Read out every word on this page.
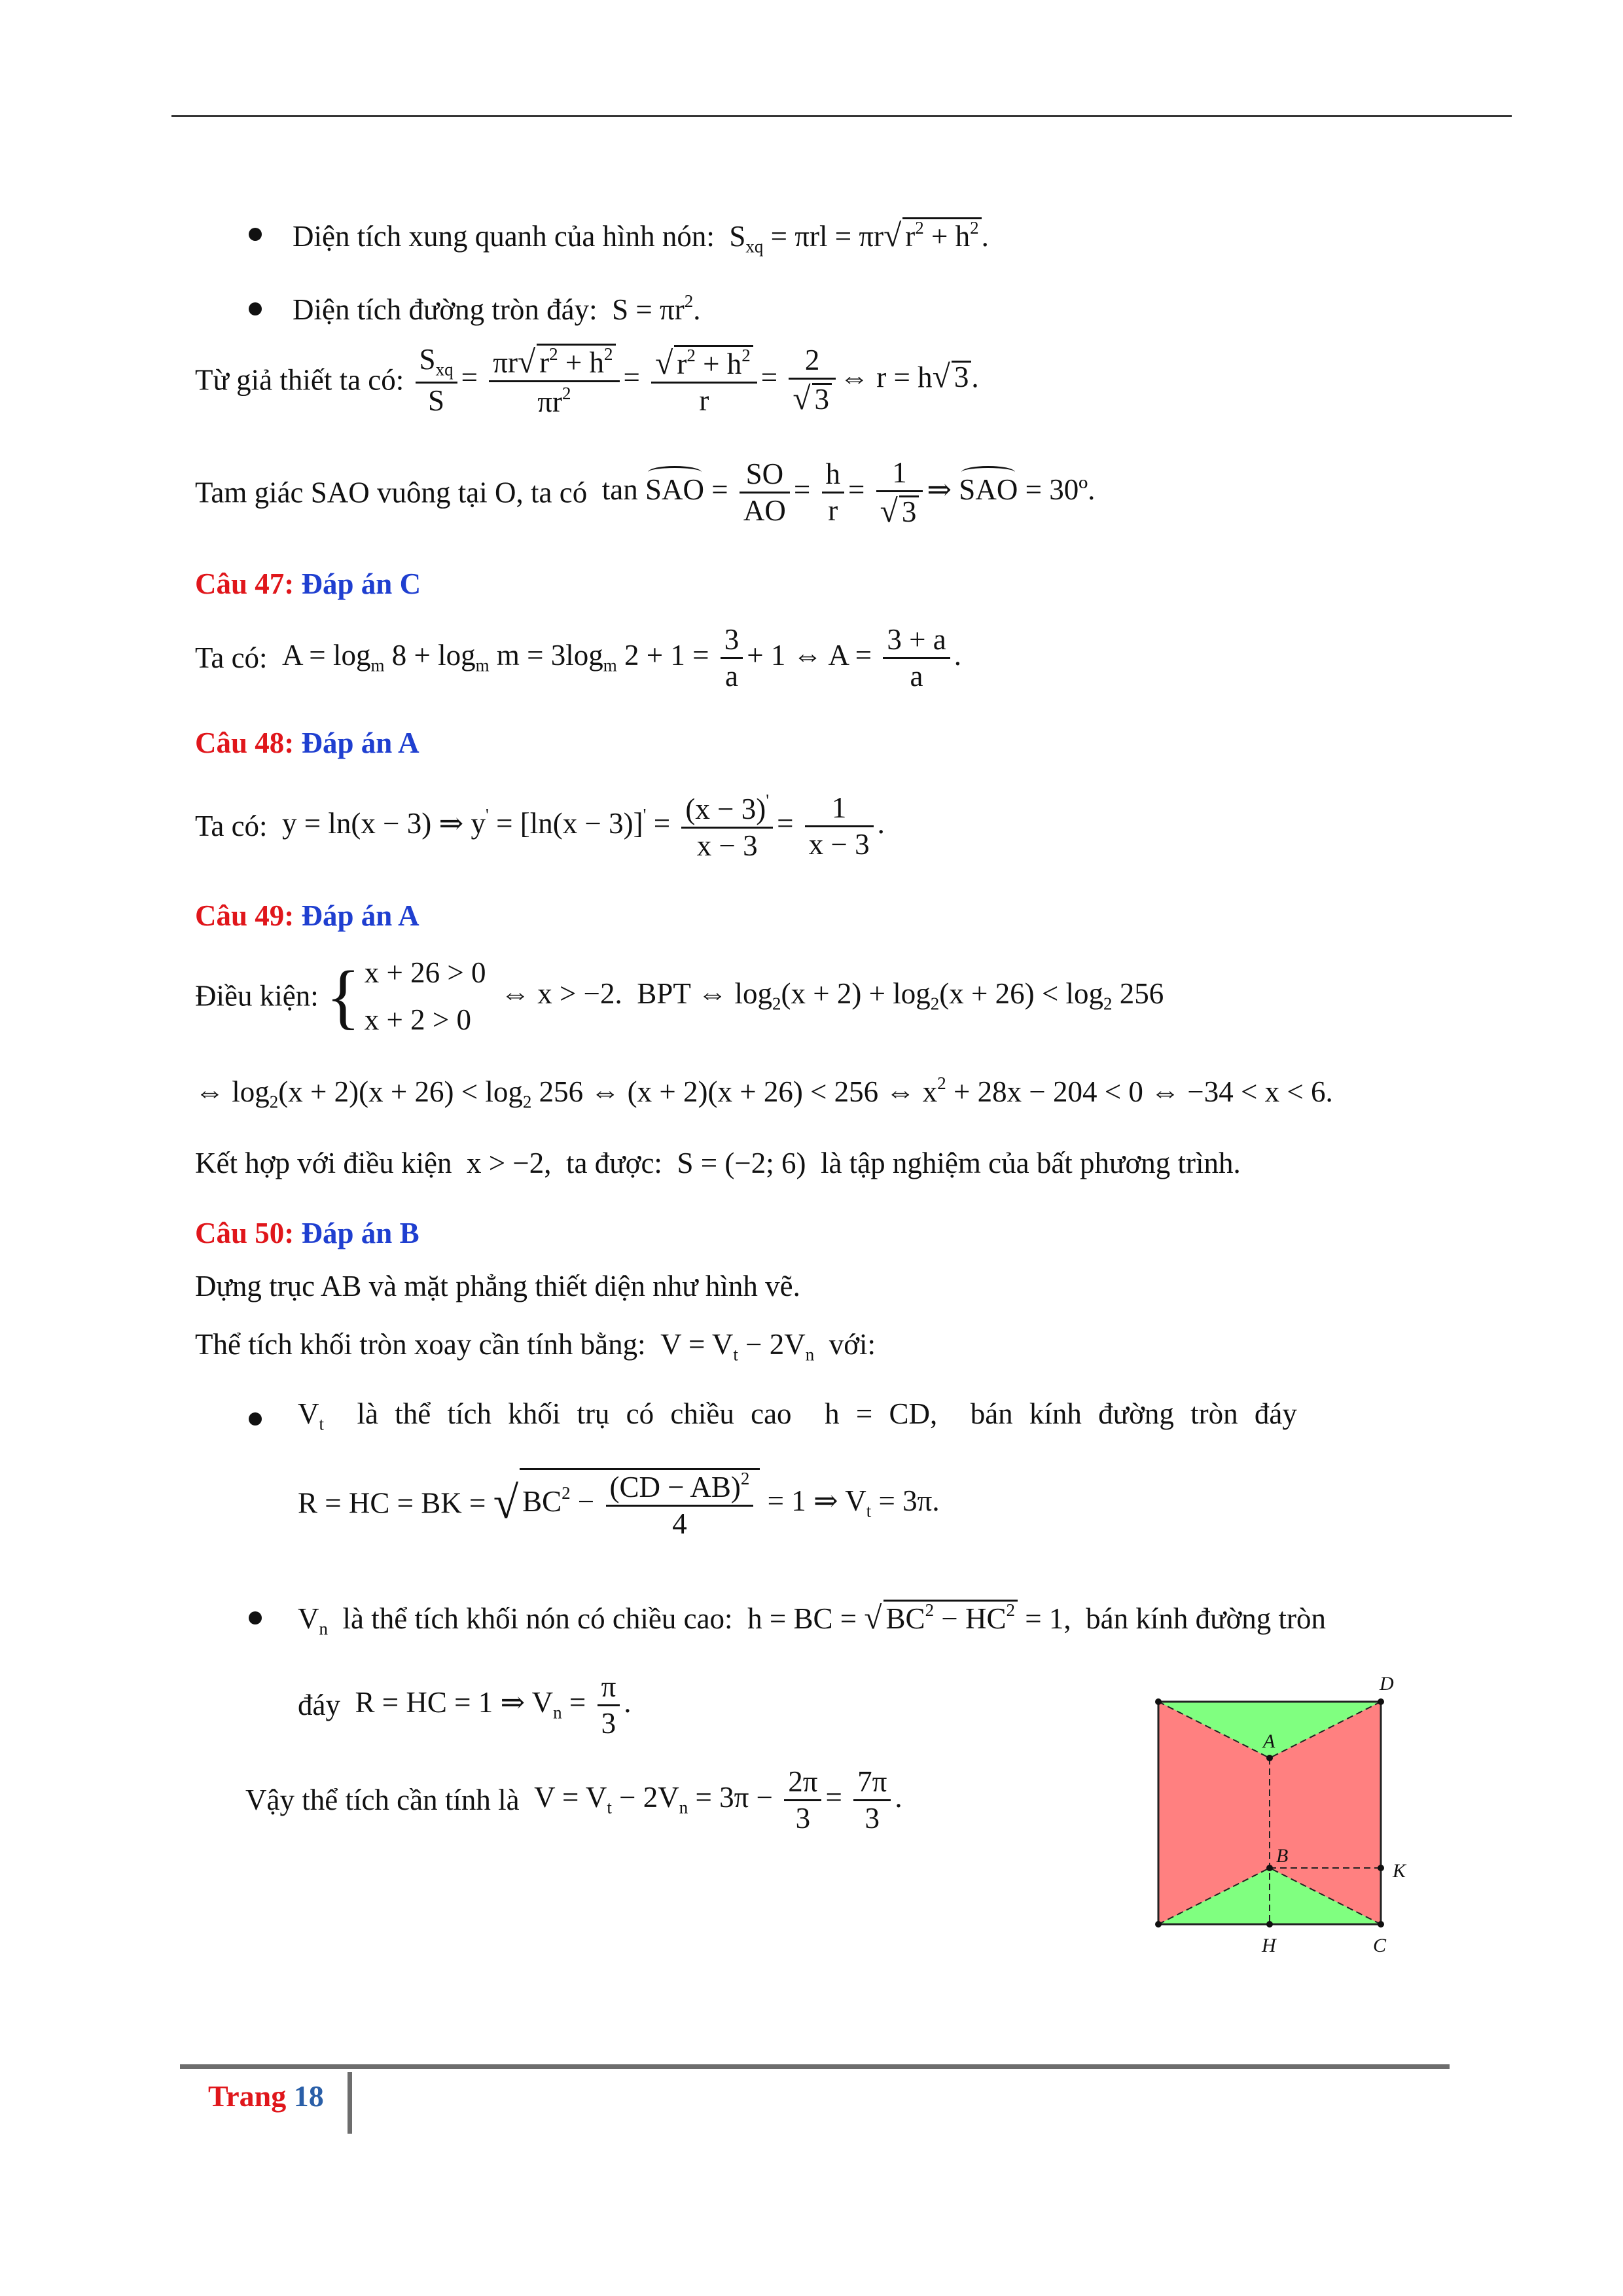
Diện tích xung quanh của hình nón:  $S_{xq} = \pi rl = \pi r√$ $r^2 + h^2$.
Diện tích đường tròn đáy:  $S = \pi r^2$.
Từ giả thiết ta có: $\frac{S_{xq}}{S} = \frac{\pi r√ r^2 + h^2}{\pi r^2} = \frac{√ r^2 + h^2}{r} = \frac{2}{√ 3}$ ⇔ r = h√ 3.
Tam giác SAO vuông tại O, ta có  tan SAO = $\frac{SO}{AO} = \frac{h}{r} = \frac{1}{√ 3}$ ⇒ SAO = 30º.
Câu 47: Đáp án C
Ta có:  $A = \log_m 8 + \log_m m = 3\log_m$ $2 + 1 = \frac{3}{a} + 1$ ⇔ $A = \frac{3 + a}{a}$ .
Câu 48: Đáp án A
Ta có:  y = ln(x − 3) ⇒ $y' = [\ln(x - 3)]' = \frac{(x - 3)'}{x - 3} = \frac{1}{x - 3}$ .
Câu 49: Đáp án A
Điều kiện: { x + 26 > 0
x + 2 > 0  ⇔ x > −2.  BPT ⇔ $\log_2(x + 2) + \log_2(x + 26) < \log_2 256$
⇔ $\log_2(x + 2)(x + 26) < \log_2 256$ ⇔ (x + 2)(x + 26) < 256 ⇔ $x^2 + 28x - 204 < 0$ ⇔ −34 < x < 6.
Kết hợp với điều kiện  x > −2,  ta được:  S = (−2; 6)  là tập nghiệm của bất phương trình.
Câu 50: Đáp án B
Dựng trục AB và mặt phẳng thiết diện như hình vẽ.
Thể tích khối tròn xoay cần tính bằng:  $V = V_t - 2V_n$ với:
$V_t$ là thể tích khối trụ có chiều cao  h = CD,  bán kính đường tròn đáy
R = HC = BK = √ $BC^2 - \frac{(CD - AB)^2}{4} = 1$ ⇒ $V_t = 3\pi$.
$V_n$ là thể tích khối nón có chiều cao:  h = BC = √ $BC^2 - HC^2 = 1$,  bán kính đường tròn
đáy  R = HC = 1 ⇒ $V_n = \frac{\pi}{3}$ .
Vậy thể tích cần tính là  $V = V_t - 2V_n = 3\pi - \frac{2\pi}{3} = \frac{7\pi}{3}$ .
D
A
B
K
H	C
Trang 18
